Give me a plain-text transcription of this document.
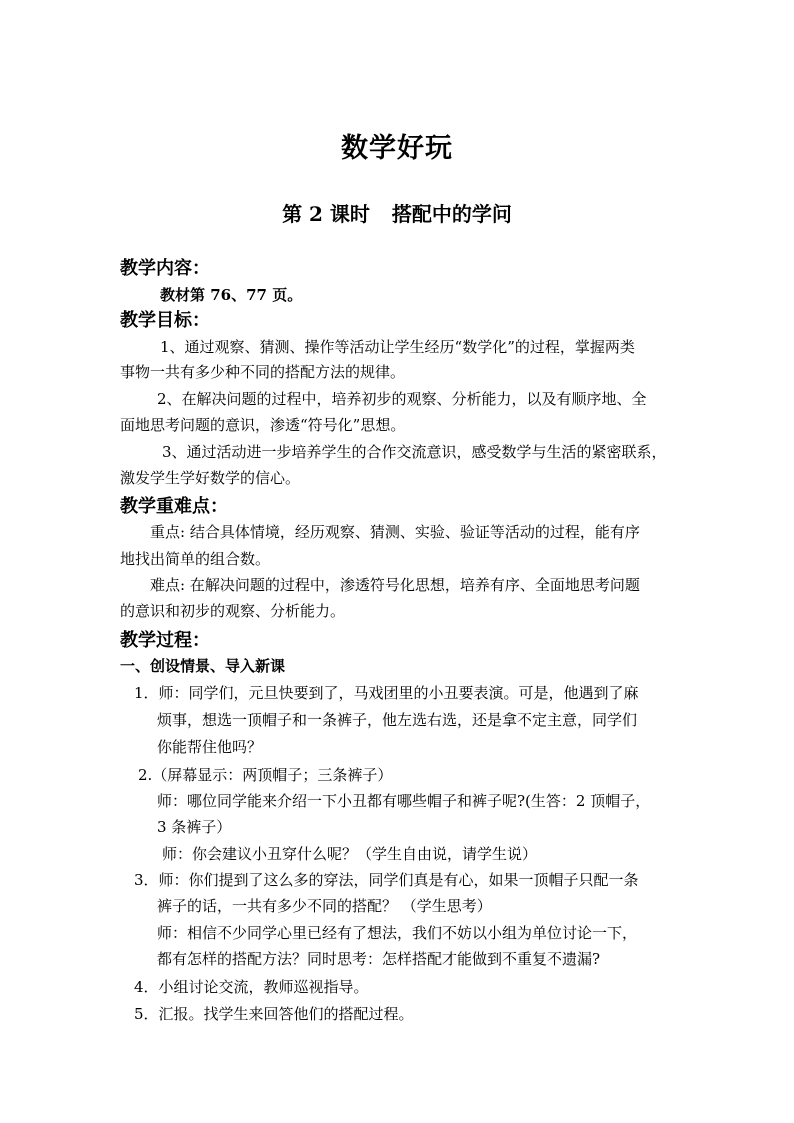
数学好玩

第 2 课时 搭配中的学问

教学内容：

教材第 76、77 页。

教学目标：

1、通过观察、猜测、操作等活动让学生经历“数学化”的过程，掌握两类

事物一共有多少种不同的搭配方法的规律。

2、在解决问题的过程中，培养初步的观察、分析能力，以及有顺序地、全

面地思考问题的意识，渗透“符号化”思想。

3、通过活动进一步培养学生的合作交流意识，感受数学与生活的紧密联系，

激发学生学好数学的信心。

教学重难点：

重点: 结合具体情境，经历观察、猜测、实验、验证等活动的过程，能有序

地找出简单的组合数。

难点: 在解决问题的过程中，渗透符号化思想，培养有序、全面地思考问题

的意识和初步的观察、分析能力。

教学过程：

一、创设情景、导入新课

1．师：同学们，元旦快要到了，马戏团里的小丑要表演。可是，他遇到了麻

烦事，想选一顶帽子和一条裤子，他左选右选，还是拿不定主意，同学们

你能帮住他吗？

2.（屏幕显示：两顶帽子；三条裤子）

师：哪位同学能来介绍一下小丑都有哪些帽子和裤子呢?(生答：2 顶帽子，

3 条裤子）

师：你会建议小丑穿什么呢？（学生自由说，请学生说）

3．师：你们提到了这么多的穿法，同学们真是有心，如果一顶帽子只配一条

裤子的话，一共有多少不同的搭配？ （学生思考）

师：相信不少同学心里已经有了想法，我们不妨以小组为单位讨论一下，

都有怎样的搭配方法？同时思考：怎样搭配才能做到不重复不遗漏?

4．小组讨论交流，教师巡视指导。

5．汇报。找学生来回答他们的搭配过程。
